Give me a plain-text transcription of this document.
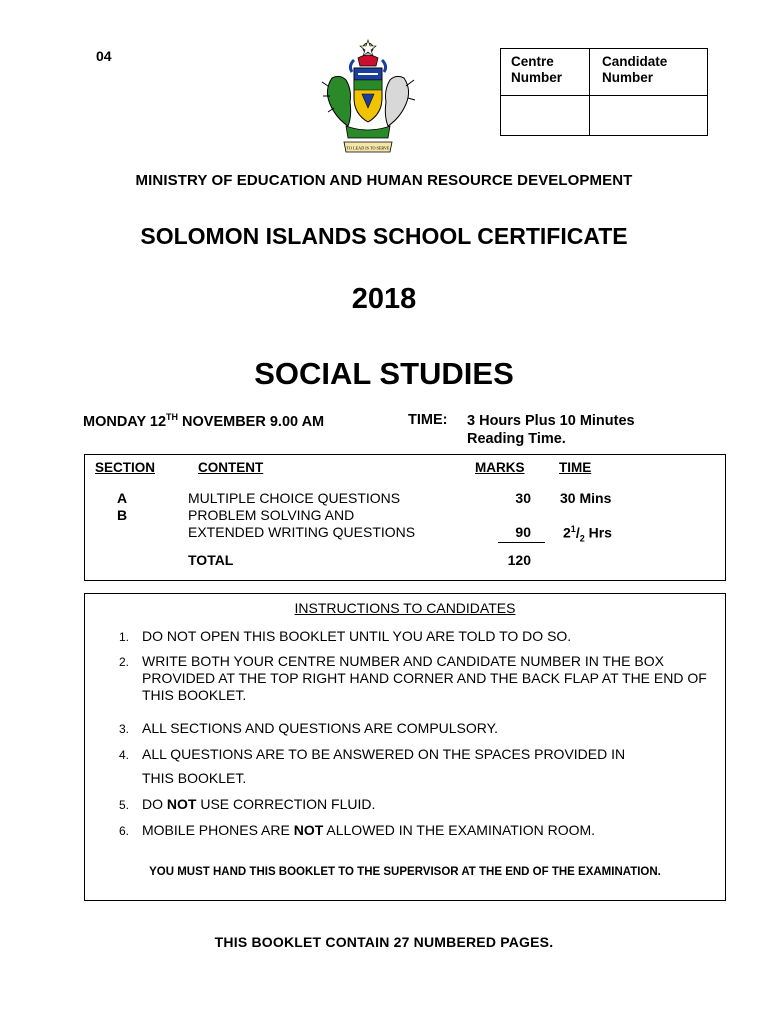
04
TO LEAD IS TO SERVE
Centre
Number
Candidate
Number
MINISTRY OF EDUCATION AND HUMAN RESOURCE DEVELOPMENT
SOLOMON ISLANDS SCHOOL CERTIFICATE
2018
SOCIAL STUDIES
MONDAY 12TH NOVEMBER 9.00 AM	TIME: 3 Hours Plus 10 Minutes
Reading Time.
SECTION	CONTENT	MARKS	TIME
A	MULTIPLE CHOICE QUESTIONS	30 30 Mins
B	PROBLEM SOLVING AND
EXTENDED WRITING QUESTIONS	90 $2^1/_2$ Hrs
TOTAL	120
INSTRUCTIONS TO CANDIDATES
1. DO NOT OPEN THIS BOOKLET UNTIL YOU ARE TOLD TO DO SO.
2. WRITE BOTH YOUR CENTRE NUMBER AND CANDIDATE NUMBER IN THE BOX PROVIDED AT THE TOP RIGHT HAND CORNER AND THE BACK FLAP AT THE END OF THIS BOOKLET.
3. ALL SECTIONS AND QUESTIONS ARE COMPULSORY.
4. ALL QUESTIONS ARE TO BE ANSWERED ON THE SPACES PROVIDED IN
THIS BOOKLET.
5. DO NOT USE CORRECTION FLUID.
6. MOBILE PHONES ARE NOT ALLOWED IN THE EXAMINATION ROOM.
YOU MUST HAND THIS BOOKLET TO THE SUPERVISOR AT THE END OF THE EXAMINATION.
THIS BOOKLET CONTAIN 27 NUMBERED PAGES.
